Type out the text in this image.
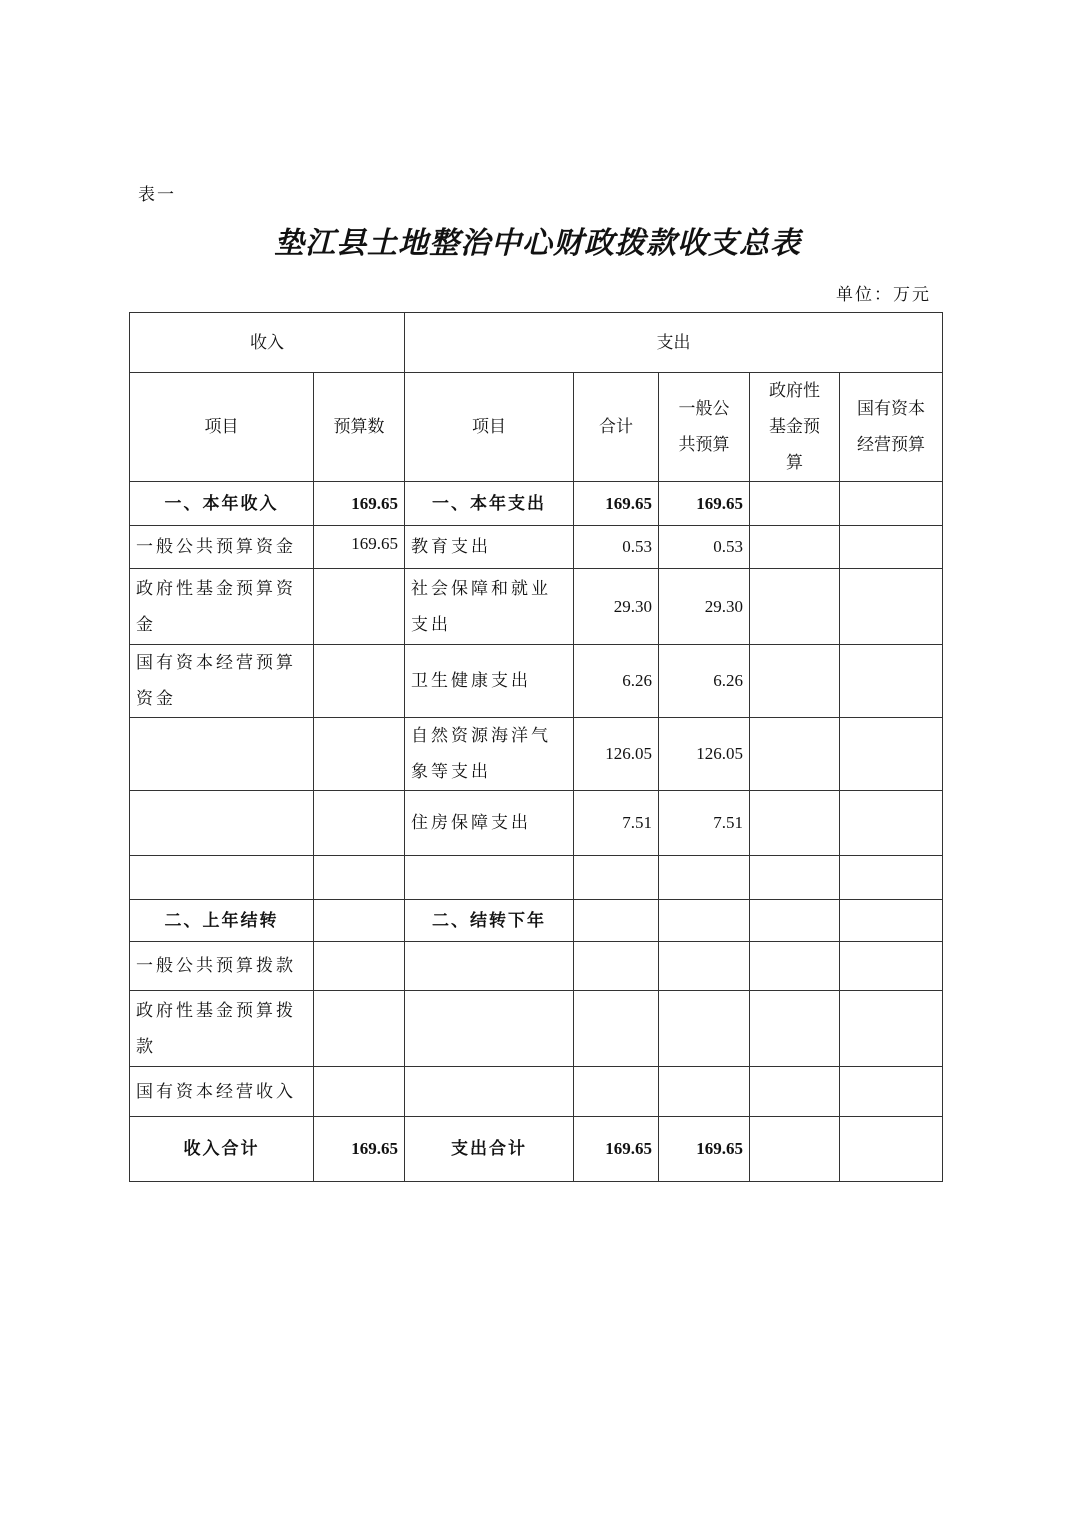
表一
垫江县土地整治中心财政拨款收支总表
单位：万元
收入		支出				
项目	预算数	项目	合计	一般公共预算	政府性基金预算	国有资本经营预算
一、本年收入	169.65	一、本年支出	169.65	169.65		
一般公共预算资金	169.65	教育支出	0.53	0.53		
政府性基金预算资金		社会保障和就业支出	29.30	29.30		
国有资本经营预算资金		卫生健康支出	6.26	6.26		
		自然资源海洋气象等支出	126.05	126.05		
		住房保障支出	7.51	7.51		

二、上年结转		二、结转下年				
一般公共预算拨款						
政府性基金预算拨款						
国有资本经营收入						
收入合计	169.65	支出合计	169.65	169.65		
